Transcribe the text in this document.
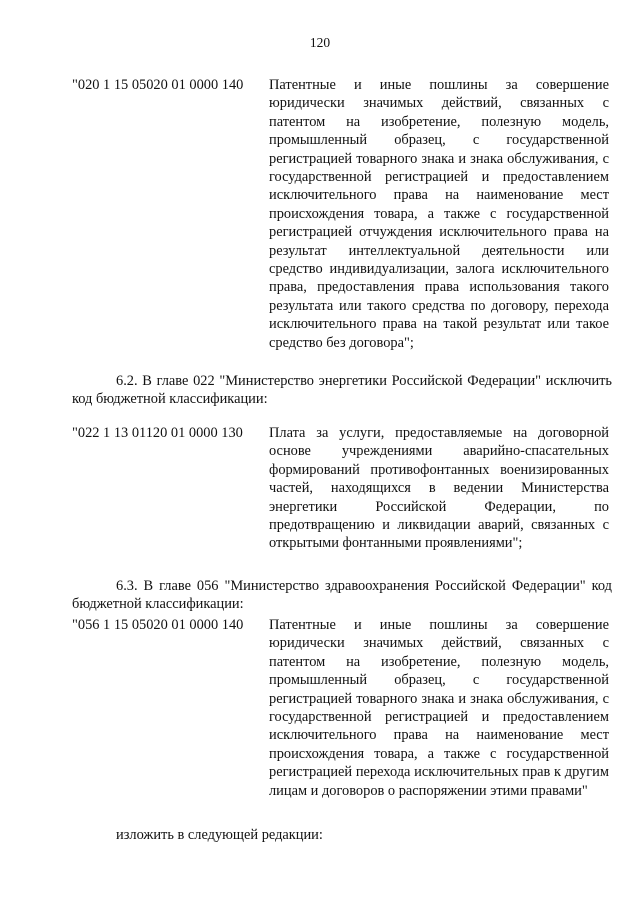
120
"020 1 15 05020 01 0000 140 Патентные и иные пошлины за совершение юридически значимых действий, связанных с патентом на изобретение, полезную модель, промышленный образец, с государственной регистрацией товарного знака и знака обслуживания, с государственной регистрацией и предоставлением исключительного права на наименование мест происхождения товара, а также с государственной регистрацией отчуждения исключительного права на результат интеллектуальной деятельности или средство индивидуализации, залога исключительного права, предоставления права использования такого результата или такого средства по договору, перехода исключительного права на такой результат или такое средство без договора";
6.2. В главе 022 "Министерство энергетики Российской Федерации" исключить код бюджетной классификации:
"022 1 13 01120 01 0000 130 Плата за услуги, предоставляемые на договорной основе учреждениями аварийно-спасательных формирований противофонтанных военизированных частей, находящихся в ведении Министерства энергетики Российской Федерации, по предотвращению и ликвидации аварий, связанных с открытыми фонтанными проявлениями";
6.3. В главе 056 "Министерство здравоохранения Российской Федерации" код бюджетной классификации:
"056 1 15 05020 01 0000 140 Патентные и иные пошлины за совершение юридически значимых действий, связанных с патентом на изобретение, полезную модель, промышленный образец, с государственной регистрацией товарного знака и знака обслуживания, с государственной регистрацией и предоставлением исключительного права на наименование мест происхождения товара, а также с государственной регистрацией перехода исключительных прав к другим лицам и договоров о распоряжении этими правами"
изложить в следующей редакции:
